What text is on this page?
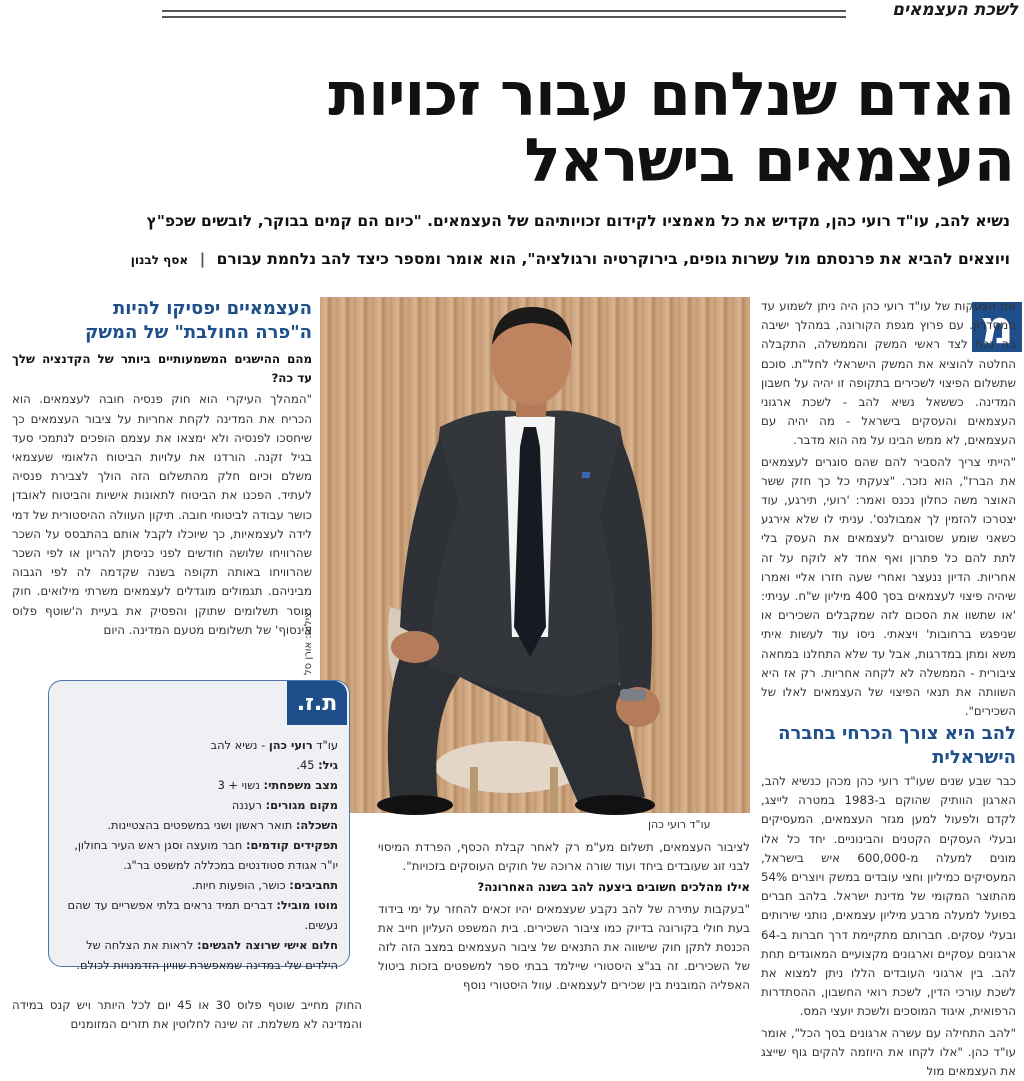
לשכת העצמאים
האדם שנלחם עבור זכויות
העצמאים בישראל
נשיא להב, עו"ד רועי כהן, מקדיש את כל מאמציו לקידום זכויותיהם של העצמאים. "כיום הם קמים בבוקר, לובשים שכפ"ץ
ויוצאים להביא את פרנסתם מול עשרות גופים, בירוקרטיה ורגולציה", הוא אומר ומספר כיצד להב נלחמת עבורם | אסף לבנון
מ

את הצעקות של עו"ד רועי כהן היה ניתן לשמוע עד המסדרון. עם פרוץ מגפת הקורונה, במהלך ישיבה בה נכח לצד ראשי המשק והממשלה, התקבלה החלטה להוציא את המשק הישראלי לחל"ת. סוכם שתשלום הפיצוי לשכירים בתקופה זו יהיה על חשבון המדינה. כששאל נשיא להב - לשכת ארגוני העצמאים והעסקים בישראל - מה יהיה עם העצמאים, לא ממש הבינו על מה הוא מדבר.

"הייתי צריך להסביר להם שהם סוגרים לעצמאים את הברז", הוא נזכר. "צעקתי כל כך חזק ששר האוצר משה כחלון נכנס ואמר: 'רועי, תירגע, עוד יצטרכו להזמין לך אמבולנס'. עניתי לו שלא אירגע כשאני שומע שסוגרים לעצמאים את העסק בלי לתת להם כל פתרון ואף אחד לא לוקח על זה אחריות. הדיון ננעצר ואחרי שעה חזרו אליי ואמרו שיהיה פיצוי לעצמאים בסך 400 מיליון ש"ח. עניתי: 'או שתשוו את הסכום לזה שמקבלים השכירים או שניפגש ברחובות' ויצאתי. ניסו עוד לעשות איתי משא ומתן במדרגות, אבל עד שלא התחלנו במחאה ציבורית - הממשלה לא לקחה אחריות. רק אז היא השוותה את תנאי הפיצוי של העצמאים לאלו של השכירים".

להב היא צורך הכרחי בחברה הישראלית

כבר שבע שנים שעו"ד רועי כהן מכהן כנשיא להב, הארגון הוותיק שהוקם ב-1983 במטרה לייצג, לקדם ולפעול למען מגזר העצמאים, המעסיקים ובעלי העסקים הקטנים והבינוניים. יחד כל אלו מונים למעלה מ-600,000 איש בישראל, המעסיקים כמיליון וחצי עובדים במשק ויוצרים 54% מהתוצר המקומי של מדינת ישראל. בלהב חברים בפועל למעלה מרבע מיליון עצמאים, נותני שירותים ובעלי עסקים. חברותם מתקיימת דרך חברות ב-64 ארגונים עסקיים וארגונים מקצועיים המאוגדים תחת להב. בין ארגוני העובדים הללו ניתן למצוא את לשכת עורכי הדין, לשכת רואי החשבון, ההסתדרות הרפואית, איגוד המוסכים ולשכת יועצי המס.

"להב התחילה עם עשרה ארגונים בסך הכל", אומר עו"ד כהן. "אלו לקחו את היוזמה להקים גוף שייצג את העצמאים מול

עו"ד רועי כהן
צילום: אורן סל
העצמאיים יפסיקו להיות
ה"פרה החולבת" של המשק

מהם ההישגים המשמעותיים ביותר של הקדנציה שלך עד כה?

"המהלך העיקרי הוא חוק פנסיה חובה לעצמאים. הוא הכריח את המדינה לקחת אחריות על ציבור העצמאים כך שיחסכו לפנסיה ולא ימצאו את עצמם הופכים לנתמכי סעד בגיל זקנה. הורדנו את עלויות הביטוח הלאומי שעצמאי משלם וכיום חלק מהתשלום הזה הולך לצבירת פנסיה לעתיד. הפכנו את הביטוח לתאונות אישיות והביטוח לאובדן כושר עבודה לביטוחי חובה. תיקון העוולה ההיסטורית של דמי לידה לעצמאיות, כך שיוכלו לקבל אותם בהתבסס על השכר שהרוויחו שלושה חודשים לפני כניסתן להריון או לפי השכר שהרוויחו באותה תקופה בשנה שקדמה לה לפי הגבוה מביניהם. תגמולים מוגדלים לעצמאים משרתי מילואים. חוק מוסר תשלומים שתוקן והפסיק את בעיית ה'שוטף פלוס אינסוף' של תשלומים מטעם המדינה. היום

לציבור העצמאים, תשלום מע"מ רק לאחר קבלת הכסף, הפרדת המיסוי לבני זוג שעובדים ביחד ועוד שורה ארוכה של חוקים העוסקים בזכויות".

אילו מהלכים חשובים ביצעה להב בשנה האחרונה?

"בעקבות עתירה של להב נקבע שעצמאים יהיו זכאים להחזר על ימי בידוד בעת חולי בקורונה בדיוק כמו ציבור השכירים. בית המשפט העליון חייב את הכנסת לתקן חוק שישווה את התנאים של ציבור העצמאים במצב הזה לזה של השכירים. זה בג"צ היסטורי שיילמד בבתי ספר למשפטים בזכות ביטול האפליה המובנית בין שכירים לעצמאים. עוול היסטורי נוסף

החוק מחייב שוטף פלוס 30 או 45 יום לכל היותר ויש קנס במידה והמדינה לא משלמת. זה שינה לחלוטין את תזרים המזומנים
ת.ז.
עו"ד רועי כהן - נשיא להב
גיל: 45.
מצב משפחתי: נשוי + 3
מקום מגורים: רעננה
השכלה: תואר ראשון ושני במשפטים בהצטיינות.
תפקידים קודמים: חבר מועצה וסגן ראש העיר בחולון, יו"ר אגודת סטודנטים במכללה למשפט בר"ג.
תחביבים: כושר, הופעות חיות.
מוטו מוביל: דברים תמיד נראים בלתי אפשריים עד שהם נעשים.
חלום אישי שרוצה להגשים: לראות את הצלחה של הילדים שלי במדינה שמאפשרת שוויון הזדמנויות לכולם.
